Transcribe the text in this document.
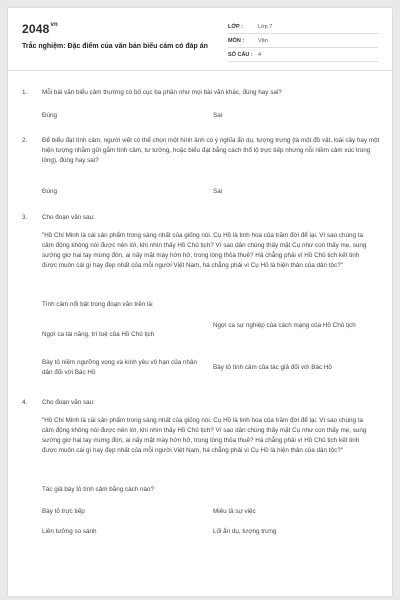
$2048^{vn}$
Trắc nghiệm: Đặc điểm của văn bản biểu cảm có đáp án
LỚP :	Lớp 7
MÔN :	Văn
SỐ CÂU : 4
1.	Mỗi bài văn biểu cảm thường có bố cục ba phần như mọi bài văn khác, đúng hay sai?
Đúng	Sai
2.	Để biểu đạt tình cảm, người viết có thể chọn một hình ảnh có ý nghĩa ẩn dụ, tượng trưng (là một đồ vật, loài cây hay một hiện tượng nhằm gửi gắm tình cảm, tư tưởng, hoặc biểu đạt bằng cách thổ lộ trực tiếp nhưng nỗi niềm cảm xúc trong lòng), đúng hay sai?
Đúng	Sai
3.	Cho đoạn văn sau:
"Hồ Chí Minh là cái sản phẩm trong sáng nhất của giống nòi. Cụ Hồ là tinh hoa của trăm đời để lại. Vì sao chúng ta cảm động không nói được nên lời, khi nhìn thấy Hồ Chủ tịch? Vì sao dân chúng thấy mặt Cụ như con thấy mẹ, sung sướng giơ hai tay mừng đón, ai nấy mặt mày hớn hở, trong lòng thỏa thuê? Há chẳng phải vì Hồ Chủ tịch kết tinh được muôn cái gì hay đẹp nhất của mỗi người Việt Nam, há chẳng phải vì Cụ Hồ là hiện thân của dân tộc?"
Tình cảm nổi bật trong đoạn văn trên là:
Ngợi ca tài năng, trí tuệ của Hồ Chủ tịch
Ngợi ca sự nghiệp của cách mạng của Hồ Chủ tịch
Bày tỏ niềm ngưỡng vọng và kính yêu vô hạn của nhân dân đối với Bác Hồ
Bày tỏ tình cảm của tác giả đối với Bác Hồ
4.	Cho đoạn văn sau:
"Hồ Chí Minh là cái sản phẩm trong sáng nhất của giống nòi. Cụ Hồ là tinh hoa của trăm đời để lại. Vì sao chúng ta cảm động không nói được nên lời, khi nhìn thấy Hồ Chủ tịch? Vì sao dân chúng thấy mặt Cụ như con thấy mẹ, sung sướng giơ hai tay mừng đón, ai nấy mặt mày hớn hở, trong lòng thỏa thuê? Há chẳng phải vì Hồ Chủ tịch kết tinh được muôn cái gì hay đẹp nhất của mỗi người Việt Nam, há chẳng phải vì Cụ Hồ là hiện thân của dân tộc?"
Tác giả bày tỏ tình cảm bằng cách nào?
Bày tỏ trực tiếp	Miêu tả sự việc
Liên tưởng so sánh	Lối ẩn dụ, tượng trưng
